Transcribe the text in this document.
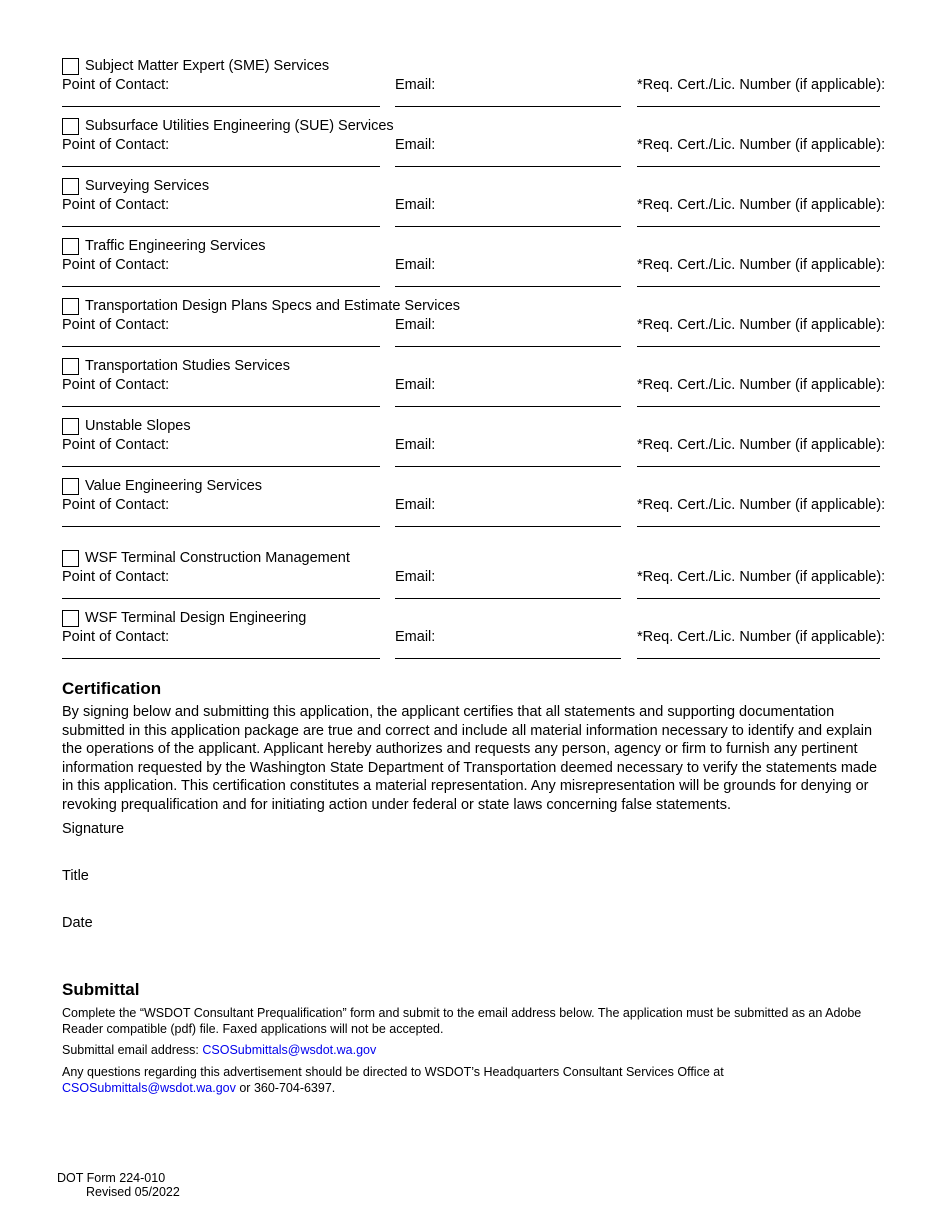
Subject Matter Expert (SME) Services
Point of Contact:	Email:	*Req. Cert./Lic. Number (if applicable):
Subsurface Utilities Engineering (SUE) Services
Point of Contact:	Email:	*Req. Cert./Lic. Number (if applicable):
Surveying Services
Point of Contact:	Email:	*Req. Cert./Lic. Number (if applicable):
Traffic Engineering Services
Point of Contact:	Email:	*Req. Cert./Lic. Number (if applicable):
Transportation Design Plans Specs and Estimate Services
Point of Contact:	Email:	*Req. Cert./Lic. Number (if applicable):
Transportation Studies Services
Point of Contact:	Email:	*Req. Cert./Lic. Number (if applicable):
Unstable Slopes
Point of Contact:	Email:	*Req. Cert./Lic. Number (if applicable):
Value Engineering Services
Point of Contact:	Email:	*Req. Cert./Lic. Number (if applicable):
WSF Terminal Construction Management
Point of Contact:	Email:	*Req. Cert./Lic. Number (if applicable):
WSF Terminal Design Engineering
Point of Contact:	Email:	*Req. Cert./Lic. Number (if applicable):
Certification
By signing below and submitting this application, the applicant certifies that all statements and supporting documentation submitted in this application package are true and correct and include all material information necessary to identify and explain the operations of the applicant. Applicant hereby authorizes and requests any person, agency or firm to furnish any pertinent information requested by the Washington State Department of Transportation deemed necessary to verify the statements made in this application. This certification constitutes a material representation. Any misrepresentation will be grounds for denying or revoking prequalification and for initiating action under federal or state laws concerning false statements.
Signature
Title
Date
Submittal
Complete the “WSDOT Consultant Prequalification” form and submit to the email address below. The application must be submitted as an Adobe Reader compatible (pdf) file. Faxed applications will not be accepted.
Submittal email address: CSOSubmittals@wsdot.wa.gov
Any questions regarding this advertisement should be directed to WSDOT’s Headquarters Consultant Services Office at CSOSubmittals@wsdot.wa.gov or 360-704-6397.
DOT Form 224-010
Revised 05/2022
